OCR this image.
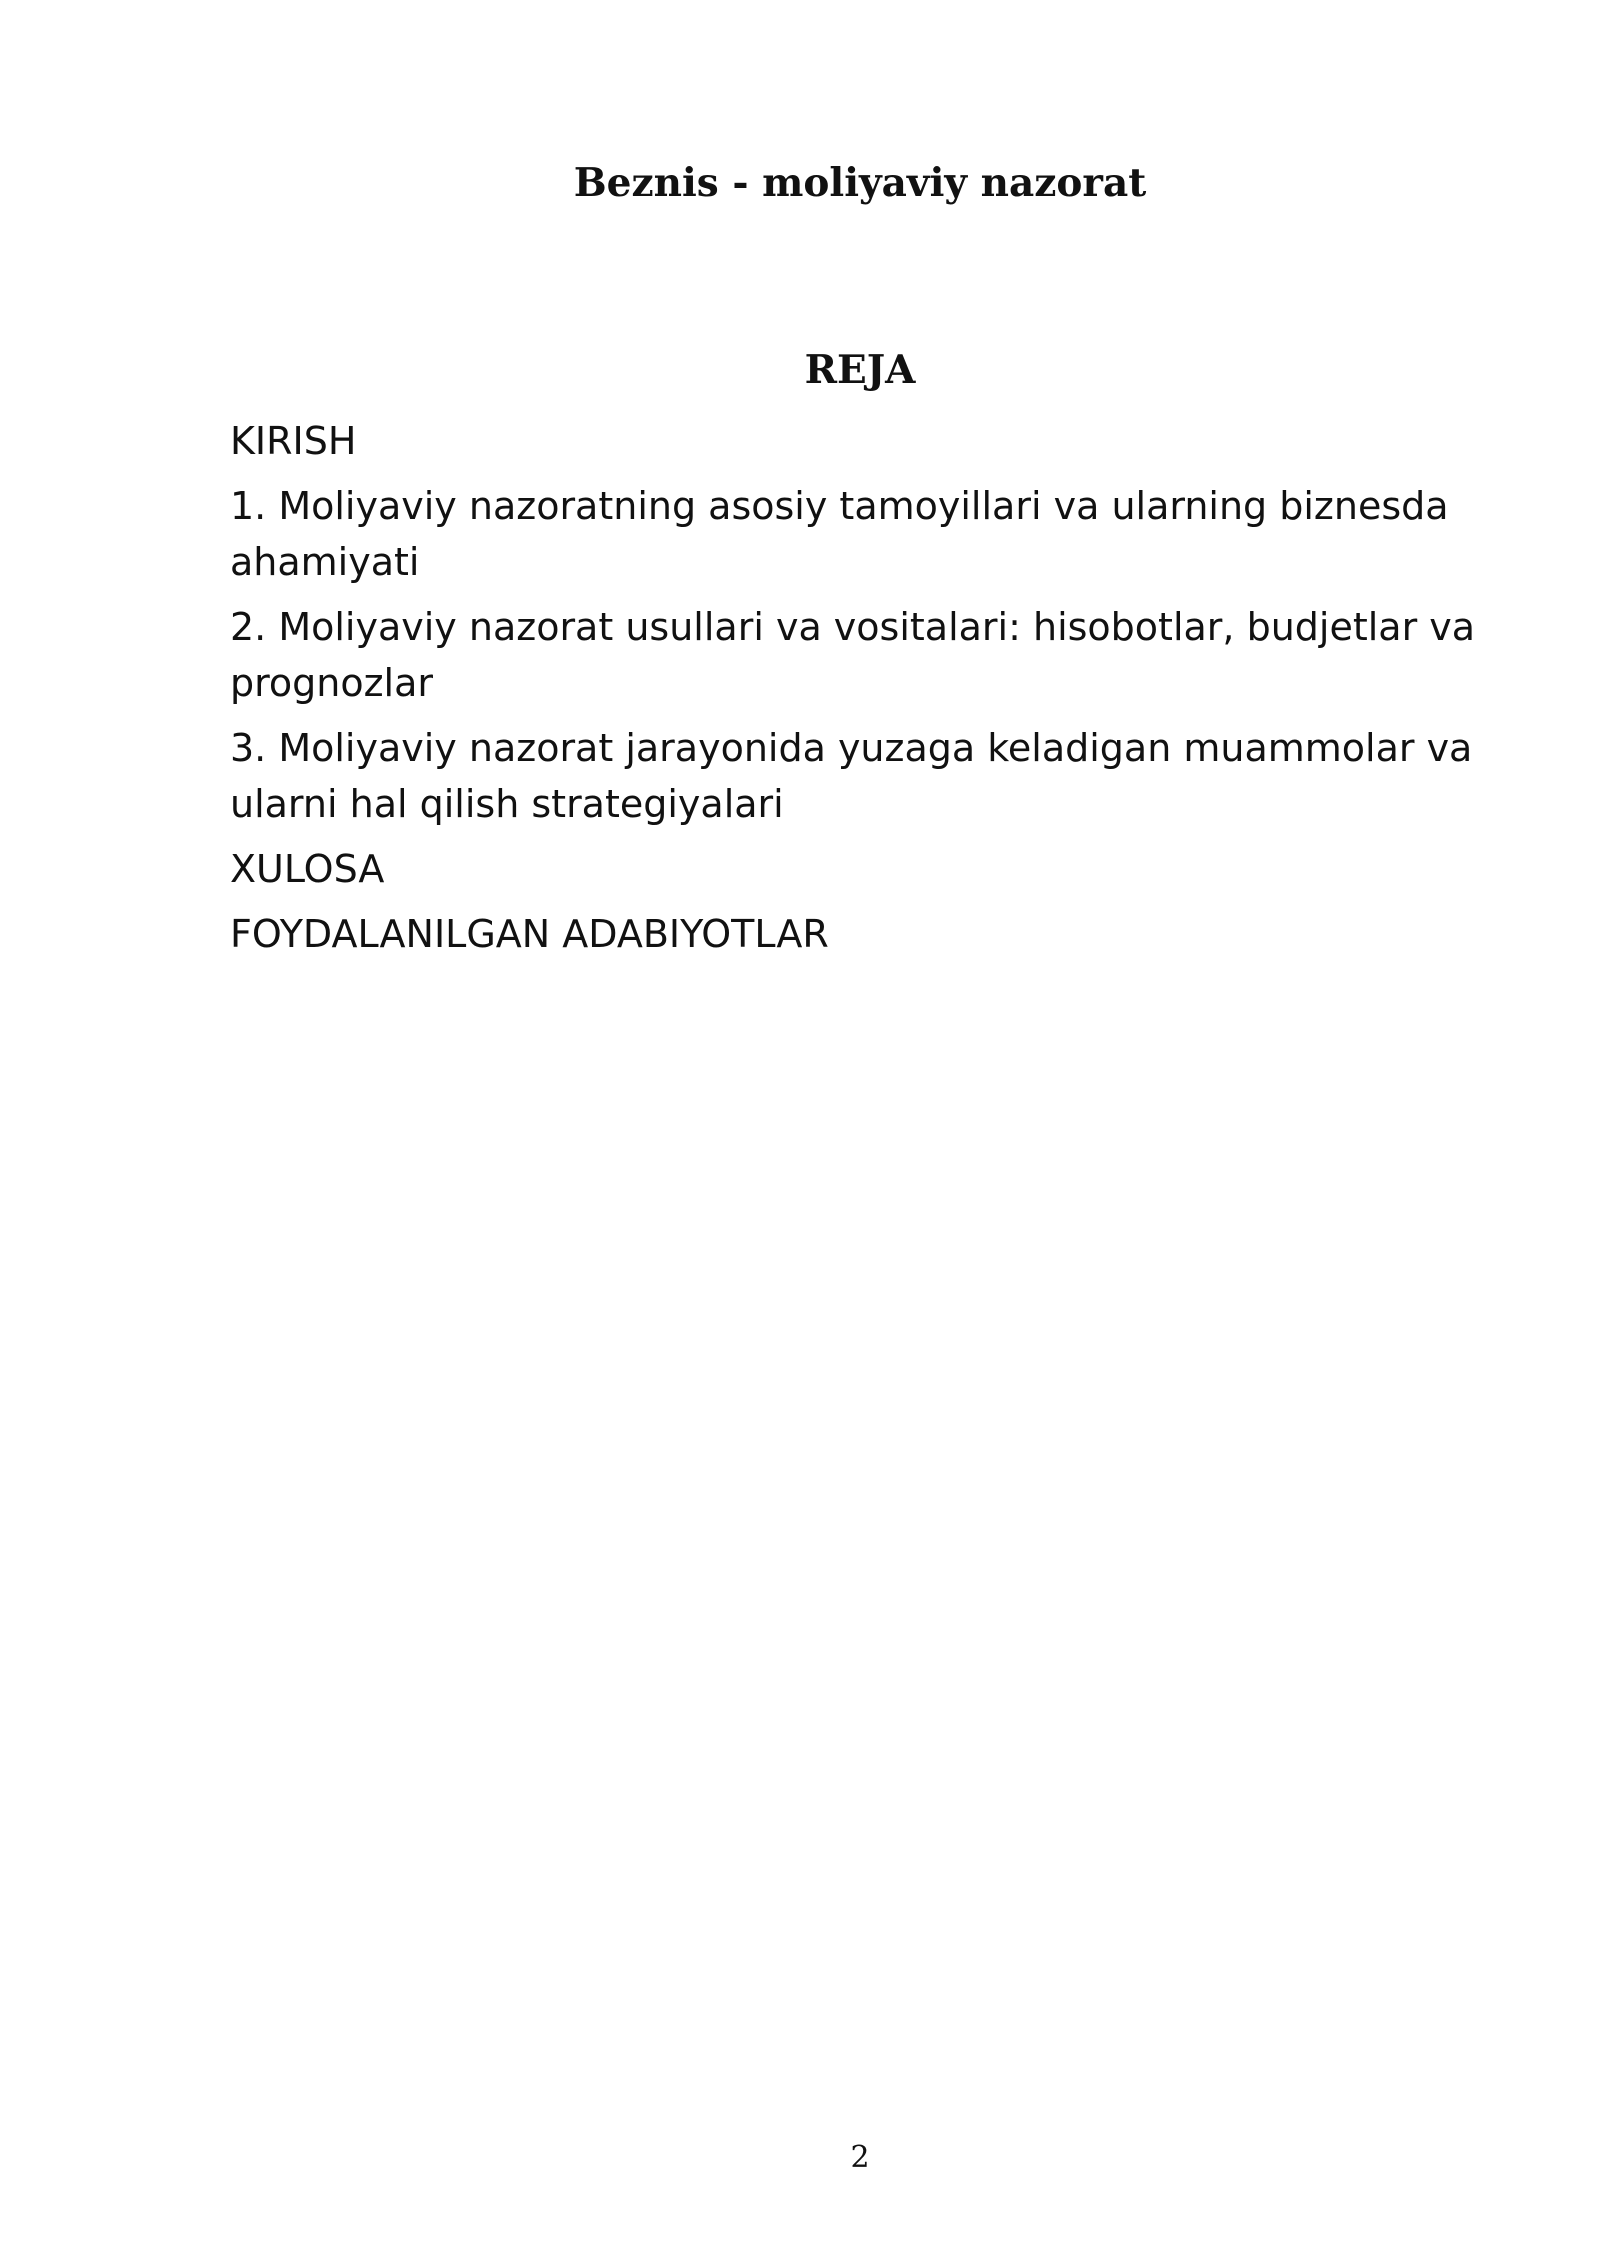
Beznis - moliyaviy nazorat
REJA
KIRISH
1. Moliyaviy nazoratning asosiy tamoyillari va ularning biznesda ahamiyati
2. Moliyaviy nazorat usullari va vositalari: hisobotlar, budjetlar va prognozlar
3. Moliyaviy nazorat jarayonida yuzaga keladigan muammolar va ularni hal qilish strategiyalari
XULOSA
FOYDALANILGAN ADABIYOTLAR
2
